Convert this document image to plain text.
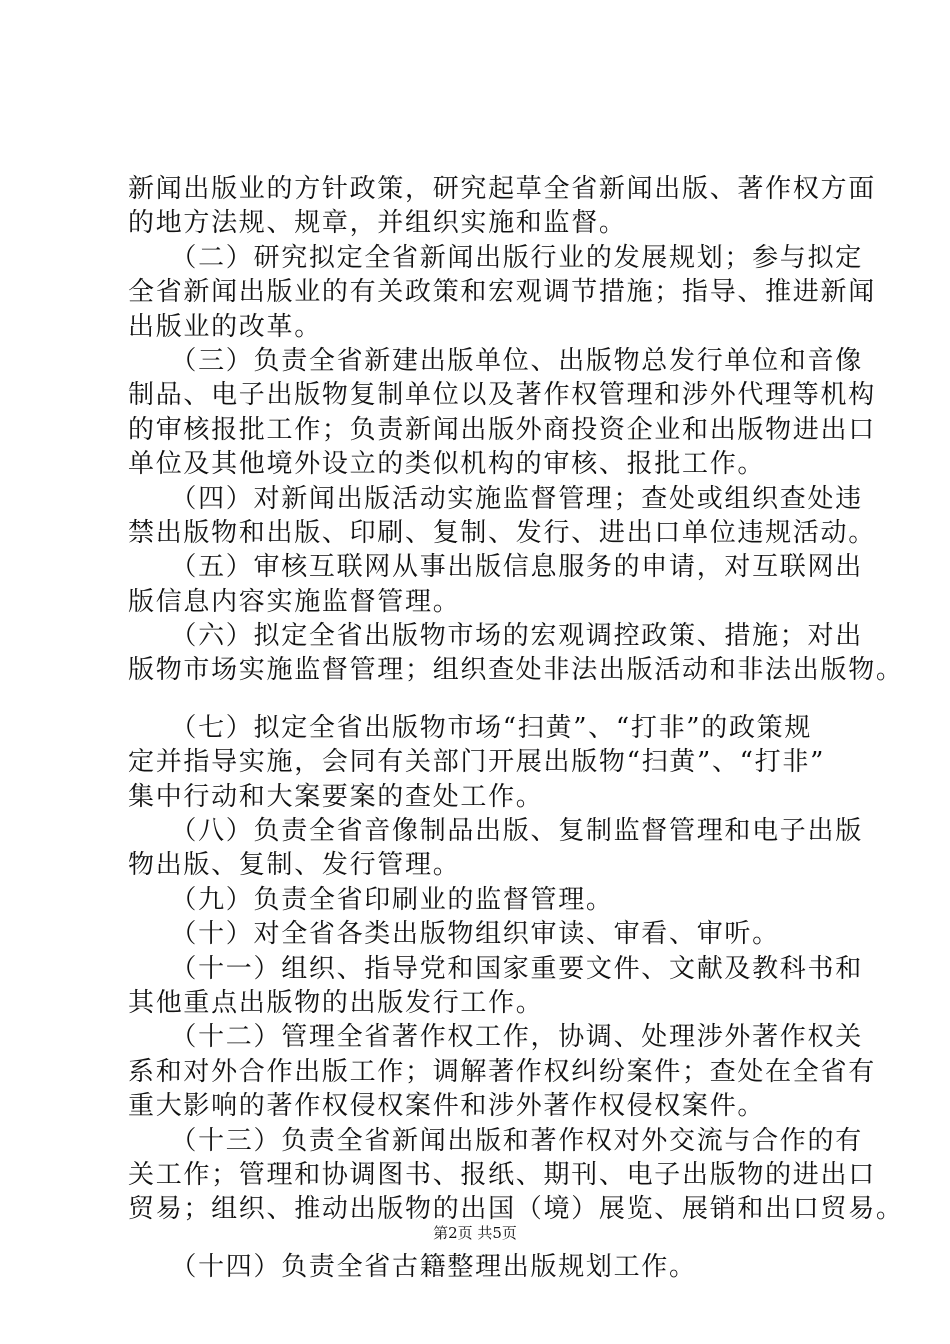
新闻出版业的方针政策，研究起草全省新闻出版、著作权方面
的地方法规、规章，并组织实施和监督。
　　（二）研究拟定全省新闻出版行业的发展规划；参与拟定
全省新闻出版业的有关政策和宏观调节措施；指导、推进新闻
出版业的改革。
　　（三）负责全省新建出版单位、出版物总发行单位和音像
制品、电子出版物复制单位以及著作权管理和涉外代理等机构
的审核报批工作；负责新闻出版外商投资企业和出版物进出口
单位及其他境外设立的类似机构的审核、报批工作。
　　（四）对新闻出版活动实施监督管理；查处或组织查处违
禁出版物和出版、印刷、复制、发行、进出口单位违规活动。
　　（五）审核互联网从事出版信息服务的申请，对互联网出
版信息内容实施监督管理。
　　（六）拟定全省出版物市场的宏观调控政策、措施；对出
版物市场实施监督管理；组织查处非法出版活动和非法出版物。
　　（七）拟定全省出版物市场“扫黄”、“打非”的政策规
定并指导实施，会同有关部门开展出版物“扫黄”、“打非”
集中行动和大案要案的查处工作。
　　（八）负责全省音像制品出版、复制监督管理和电子出版
物出版、复制、发行管理。
　　（九）负责全省印刷业的监督管理。
　　（十）对全省各类出版物组织审读、审看、审听。
　　（十一）组织、指导党和国家重要文件、文献及教科书和
其他重点出版物的出版发行工作。
　　（十二）管理全省著作权工作，协调、处理涉外著作权关
系和对外合作出版工作；调解著作权纠纷案件；查处在全省有
重大影响的著作权侵权案件和涉外著作权侵权案件。
　　（十三）负责全省新闻出版和著作权对外交流与合作的有
关工作；管理和协调图书、报纸、期刊、电子出版物的进出口
贸易；组织、推动出版物的出国（境）展览、展销和出口贸易。
　　（十四）负责全省古籍整理出版规划工作。
第2页 共5页
